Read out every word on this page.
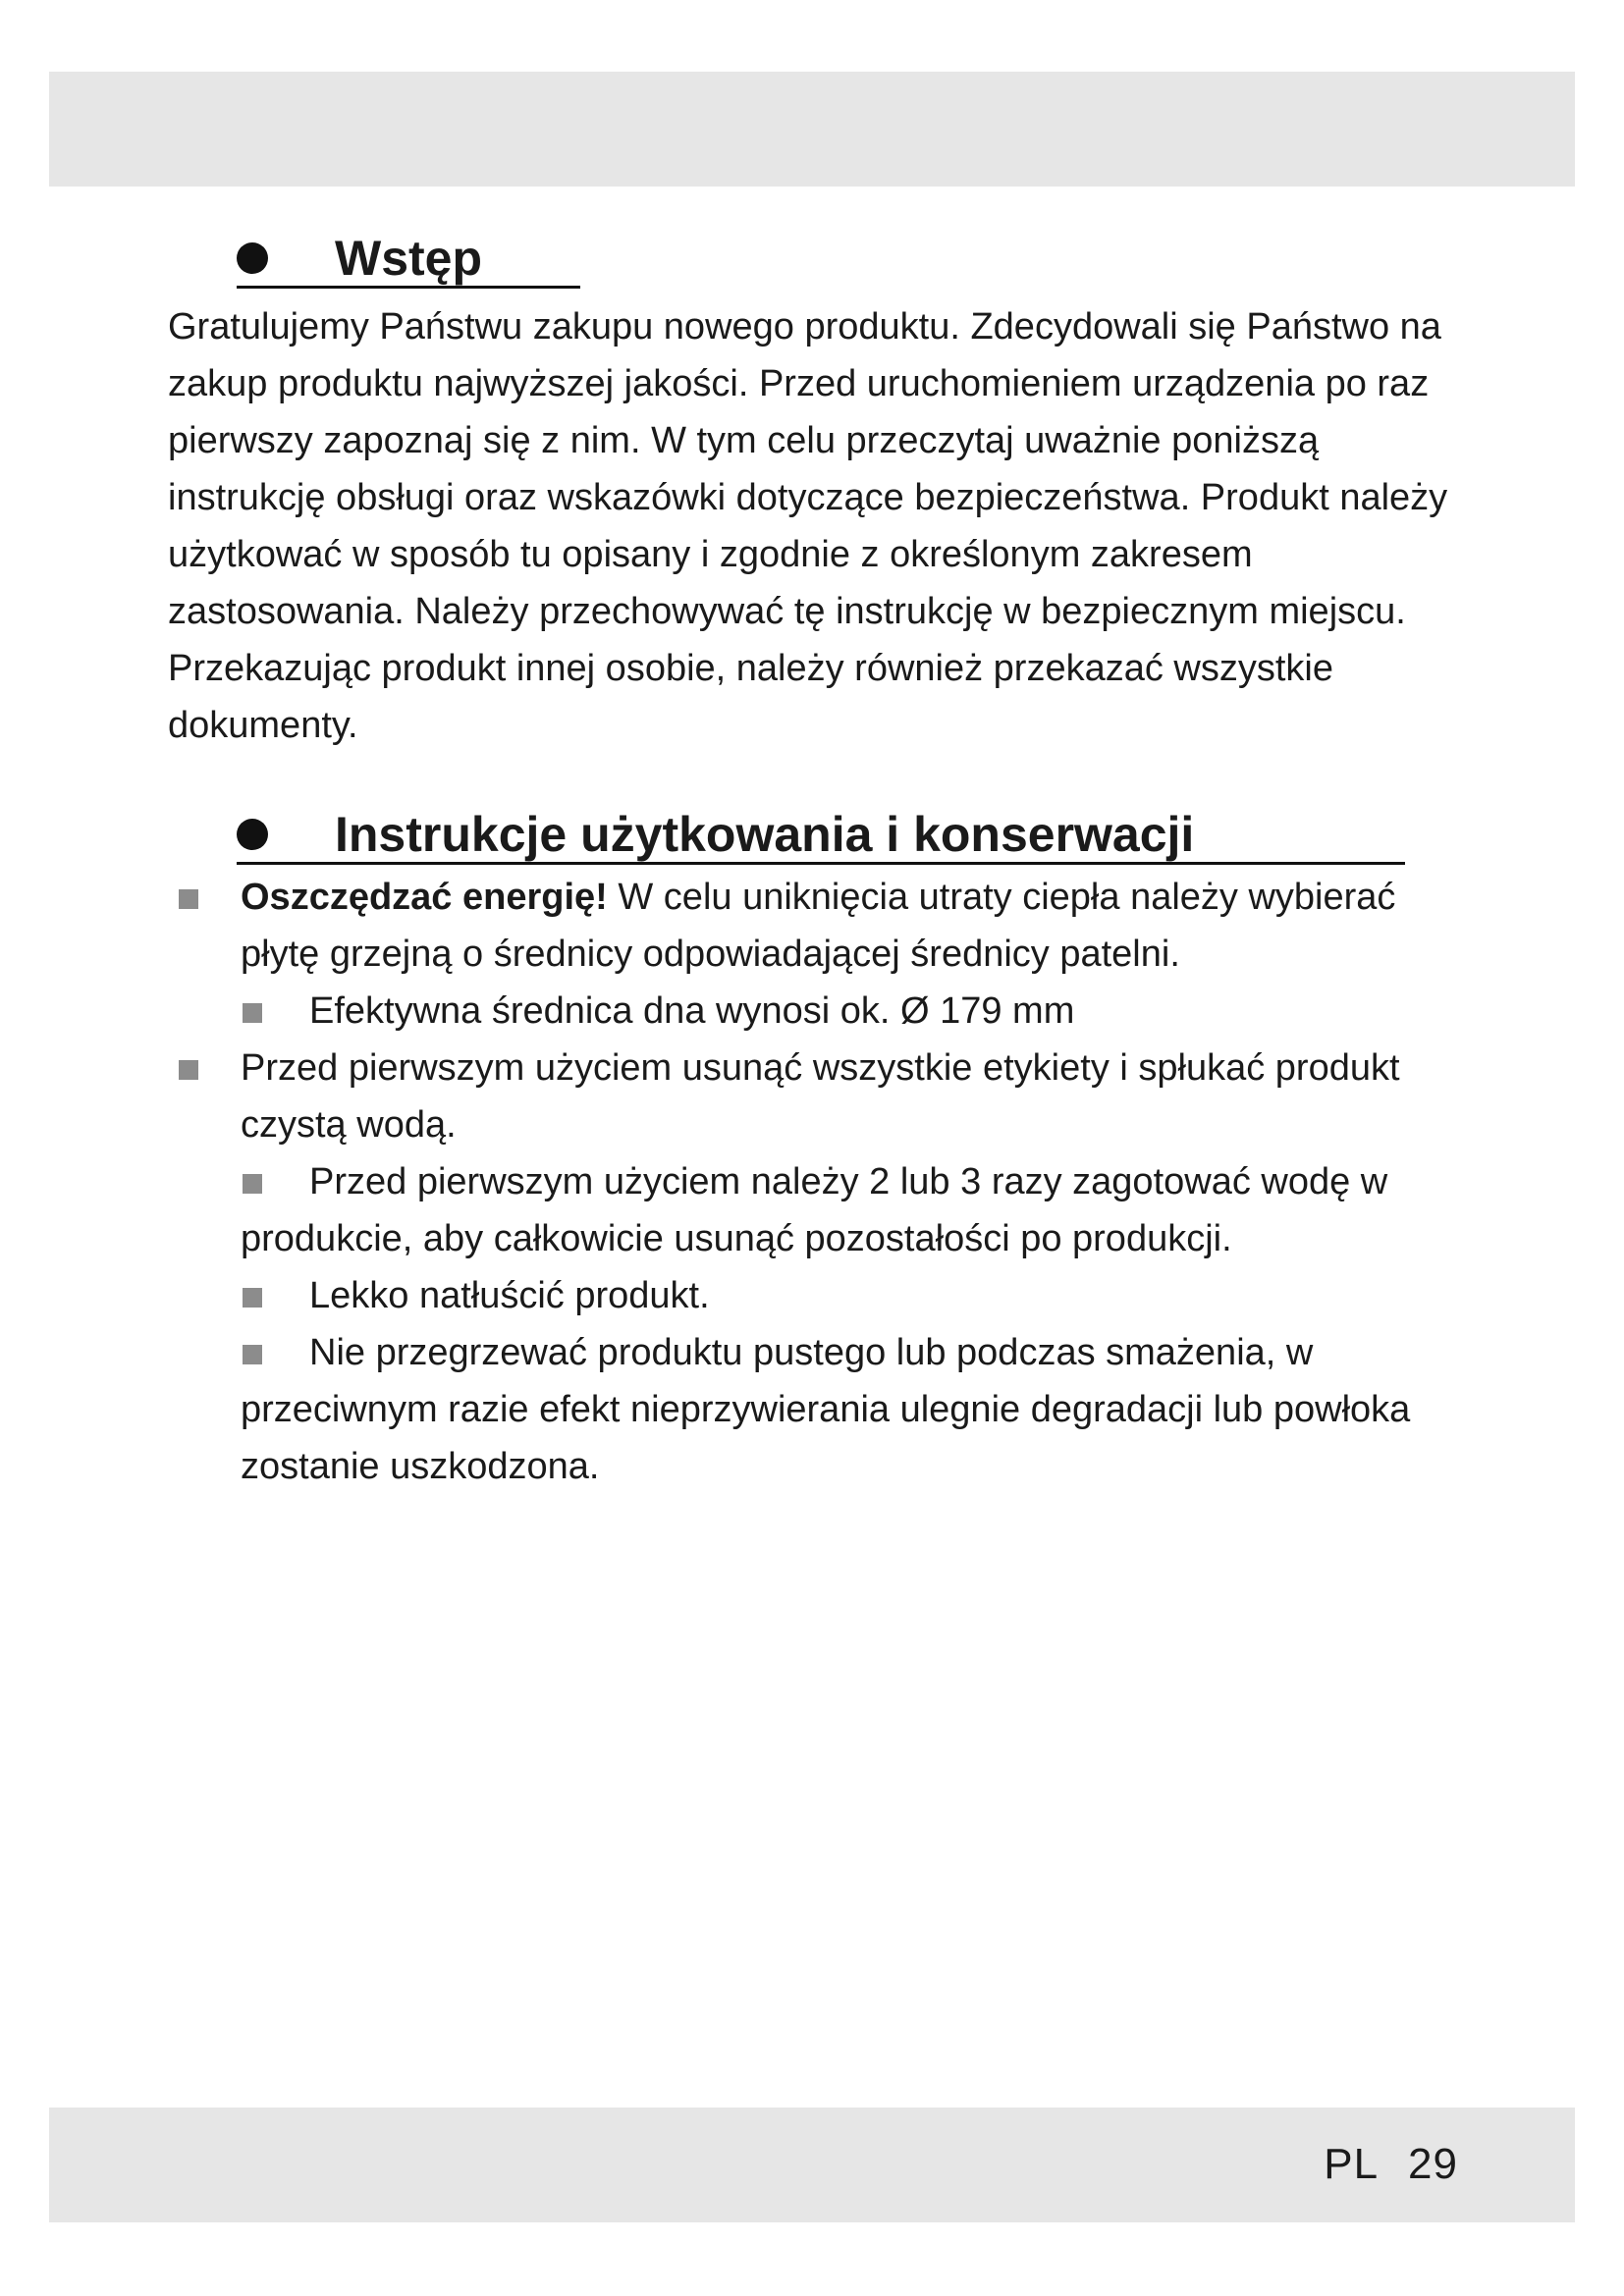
Wstęp

Gratulujemy Państwu zakupu nowego produktu. Zdecydowali się Państwo na zakup produktu najwyższej jakości. Przed uruchomieniem urządzenia po raz pierwszy zapoznaj się z nim. W tym celu przeczytaj uważnie poniższą instrukcję obsługi oraz wskazówki dotyczące bezpieczeństwa. Produkt należy użytkować w sposób tu opisany i zgodnie z określonym zakresem zastosowania. Należy przechowywać tę instrukcję w bezpiecznym miejscu. Przekazując produkt innej osobie, należy również przekazać wszystkie dokumenty.

Instrukcje użytkowania i konserwacji
Oszczędzać energię! W celu uniknięcia utraty ciepła należy wybierać płytę grzejną o średnicy odpowiadającej średnicy patelni.
Efektywna średnica dna wynosi ok. Ø 179 mm
Przed pierwszym użyciem usunąć wszystkie etykiety i spłukać produkt czystą wodą.
Przed pierwszym użyciem należy 2 lub 3 razy zagotować wodę w produkcie, aby całkowicie usunąć pozostałości po produkcji.
Lekko natłuścić produkt.
Nie przegrzewać produktu pustego lub podczas smażenia, w przeciwnym razie efekt nieprzywierania ulegnie degradacji lub powłoka zostanie uszkodzona.
PL 29
